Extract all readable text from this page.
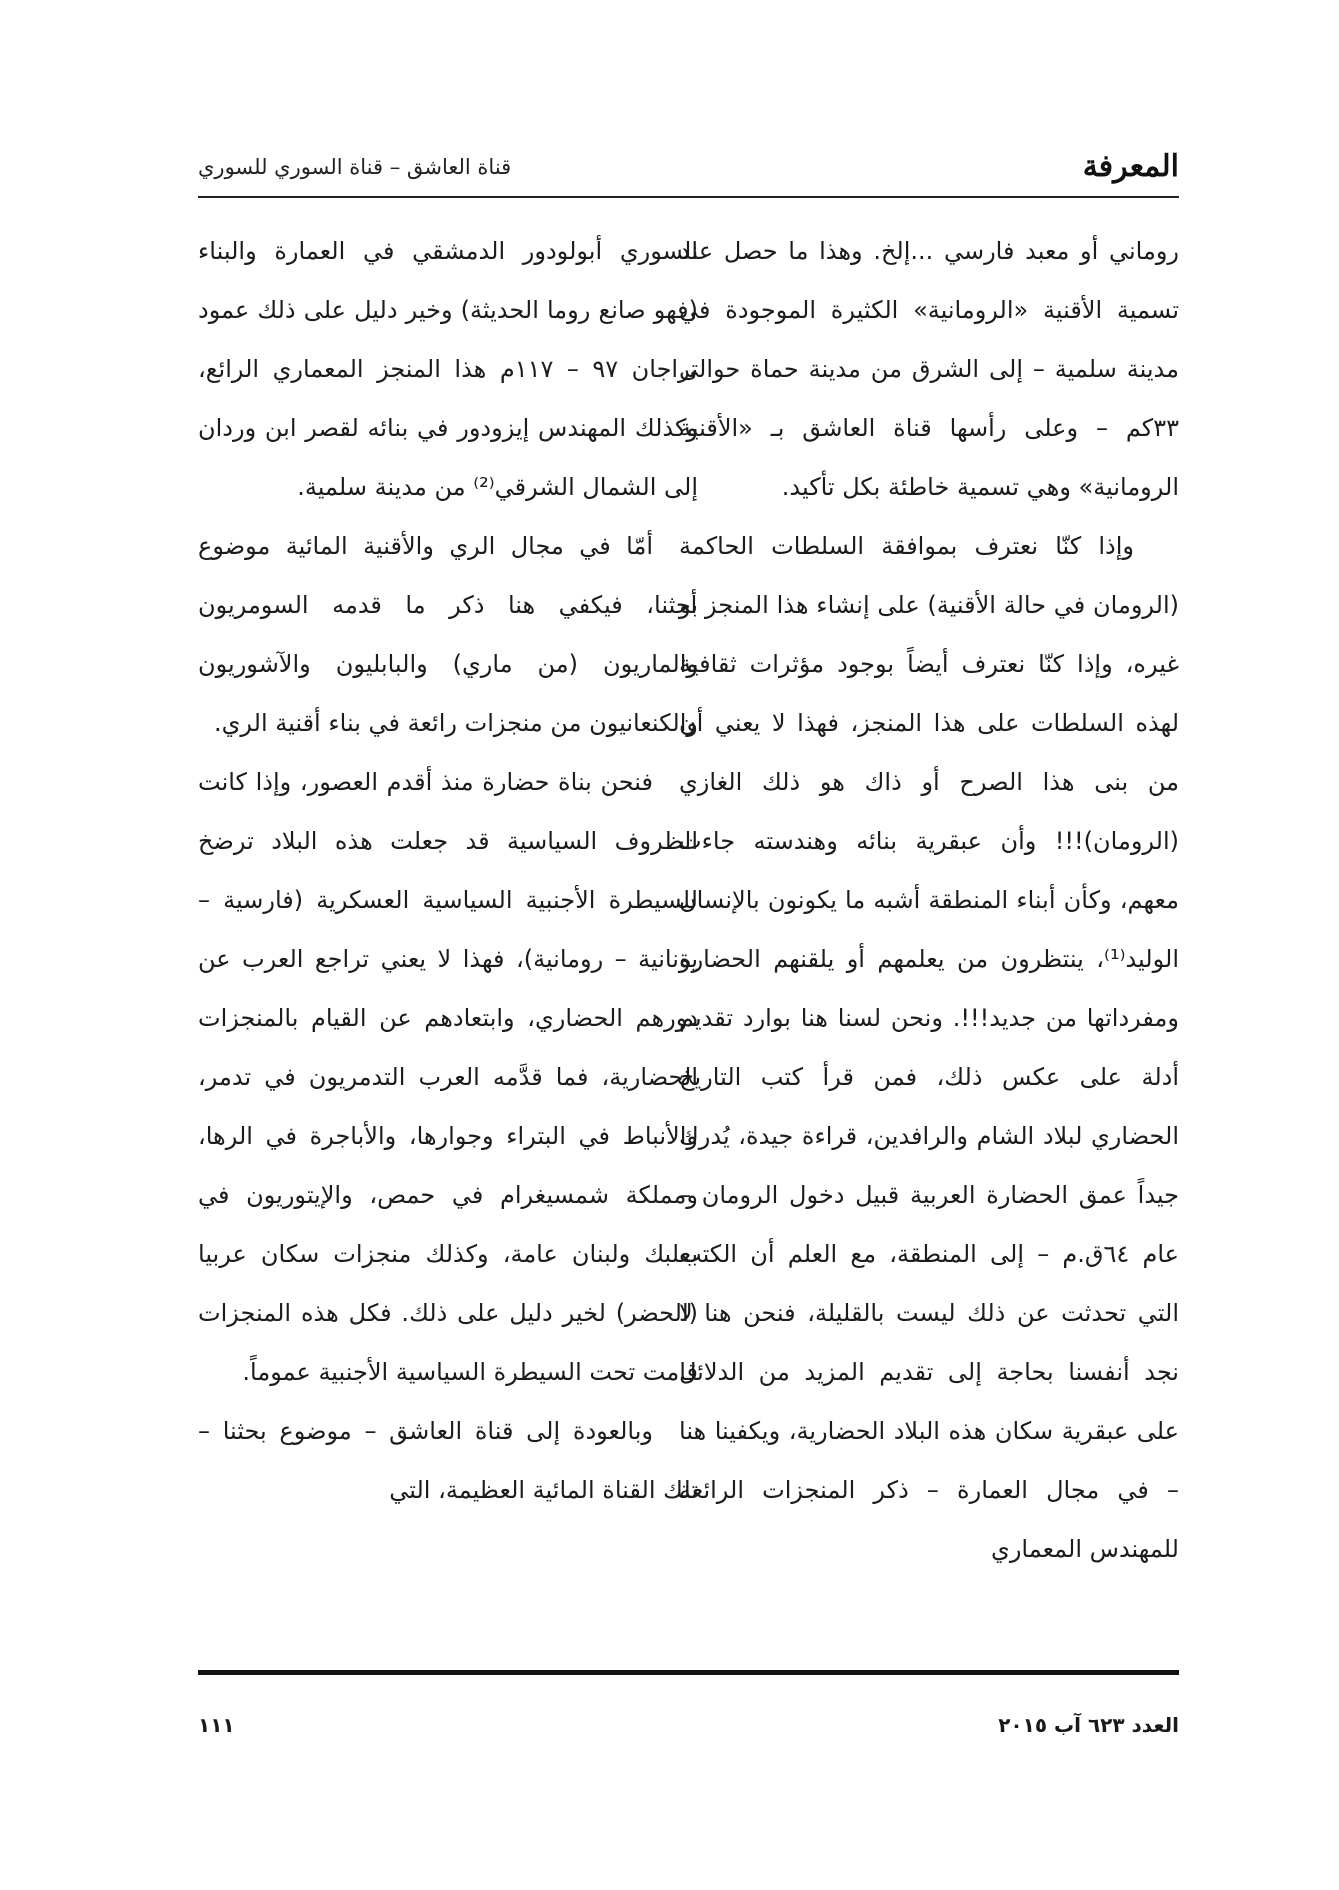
المعرفة
قناة العاشق – قناة السوري للسوري

روماني أو معبد فارسي ...إلخ. وهذا ما حصل عند تسمية الأقنية «الرومانية» الكثيرة الموجودة في مدينة سلمية – إلى الشرق من مدينة حماة حوالى ٣٣كم – وعلى رأسها قناة العاشق بـ «الأقنية الرومانية» وهي تسمية خاطئة بكل تأكيد.

وإذا كنّا نعترف بموافقة السلطات الحاكمة (الرومان في حالة الأقنية) على إنشاء هذا المنجز أو غيره، وإذا كنّا نعترف أيضاً بوجود مؤثرات ثقافية لهذه السلطات على هذا المنجز، فهذا لا يعني أن من بنى هذا الصرح أو ذاك هو ذلك الغازي (الرومان)!!! وأن عبقرية بنائه وهندسته جاءت معهم، وكأن أبناء المنطقة أشبه ما يكونون بالإنسان الوليد⁽¹⁾، ينتظرون من يعلمهم أو يلقنهم الحضارة ومفرداتها من جديد!!!. ونحن لسنا هنا بوارد تقديم أدلة على عكس ذلك، فمن قرأ كتب التاريخ الحضاري لبلاد الشام والرافدين، قراءة جيدة، يُدرك جيداً عمق الحضارة العربية قبيل دخول الرومان – عام ٦٤ق.م – إلى المنطقة، مع العلم أن الكتب التي تحدثت عن ذلك ليست بالقليلة، فنحن هنا لا نجد أنفسنا بحاجة إلى تقديم المزيد من الدلائل على عبقرية سكان هذه البلاد الحضارية، ويكفينا هنا – في مجال العمارة – ذكر المنجزات الرائعة للمهندس المعماري

السوري أبولودور الدمشقي في العمارة والبناء (فهو صانع روما الحديثة) وخير دليل على ذلك عمود تراجان ٩٧ – ١١٧م هذا المنجز المعماري الرائع، وكذلك المهندس إيزودور في بنائه لقصر ابن وردان إلى الشمال الشرقي⁽²⁾ من مدينة سلمية.

أمّا في مجال الري والأقنية المائية موضوع بحثنا، فيكفي هنا ذكر ما قدمه السومريون والماريون (من ماري) والبابليون والآشوريون والكنعانيون من منجزات رائعة في بناء أقنية الري.

فنحن بناة حضارة منذ أقدم العصور، وإذا كانت الظروف السياسية قد جعلت هذه البلاد ترضخ للسيطرة الأجنبية السياسية العسكرية (فارسية – يونانية – رومانية)، فهذا لا يعني تراجع العرب عن دورهم الحضاري، وابتعادهم عن القيام بالمنجزات الحضارية، فما قدَّمه العرب التدمريون في تدمر، والأنباط في البتراء وجوارها، والأباجرة في الرها، ومملكة شمسيغرام في حمص، والإيتوريون في بعلبك ولبنان عامة، وكذلك منجزات سكان عربيا (الحضر) لخير دليل على ذلك. فكل هذه المنجزات قامت تحت السيطرة السياسية الأجنبية عموماً.

وبالعودة إلى قناة العاشق – موضوع بحثنا – تلك القناة المائية العظيمة، التي

١١١	العدد ٦٢٣ آب ٢٠١٥
